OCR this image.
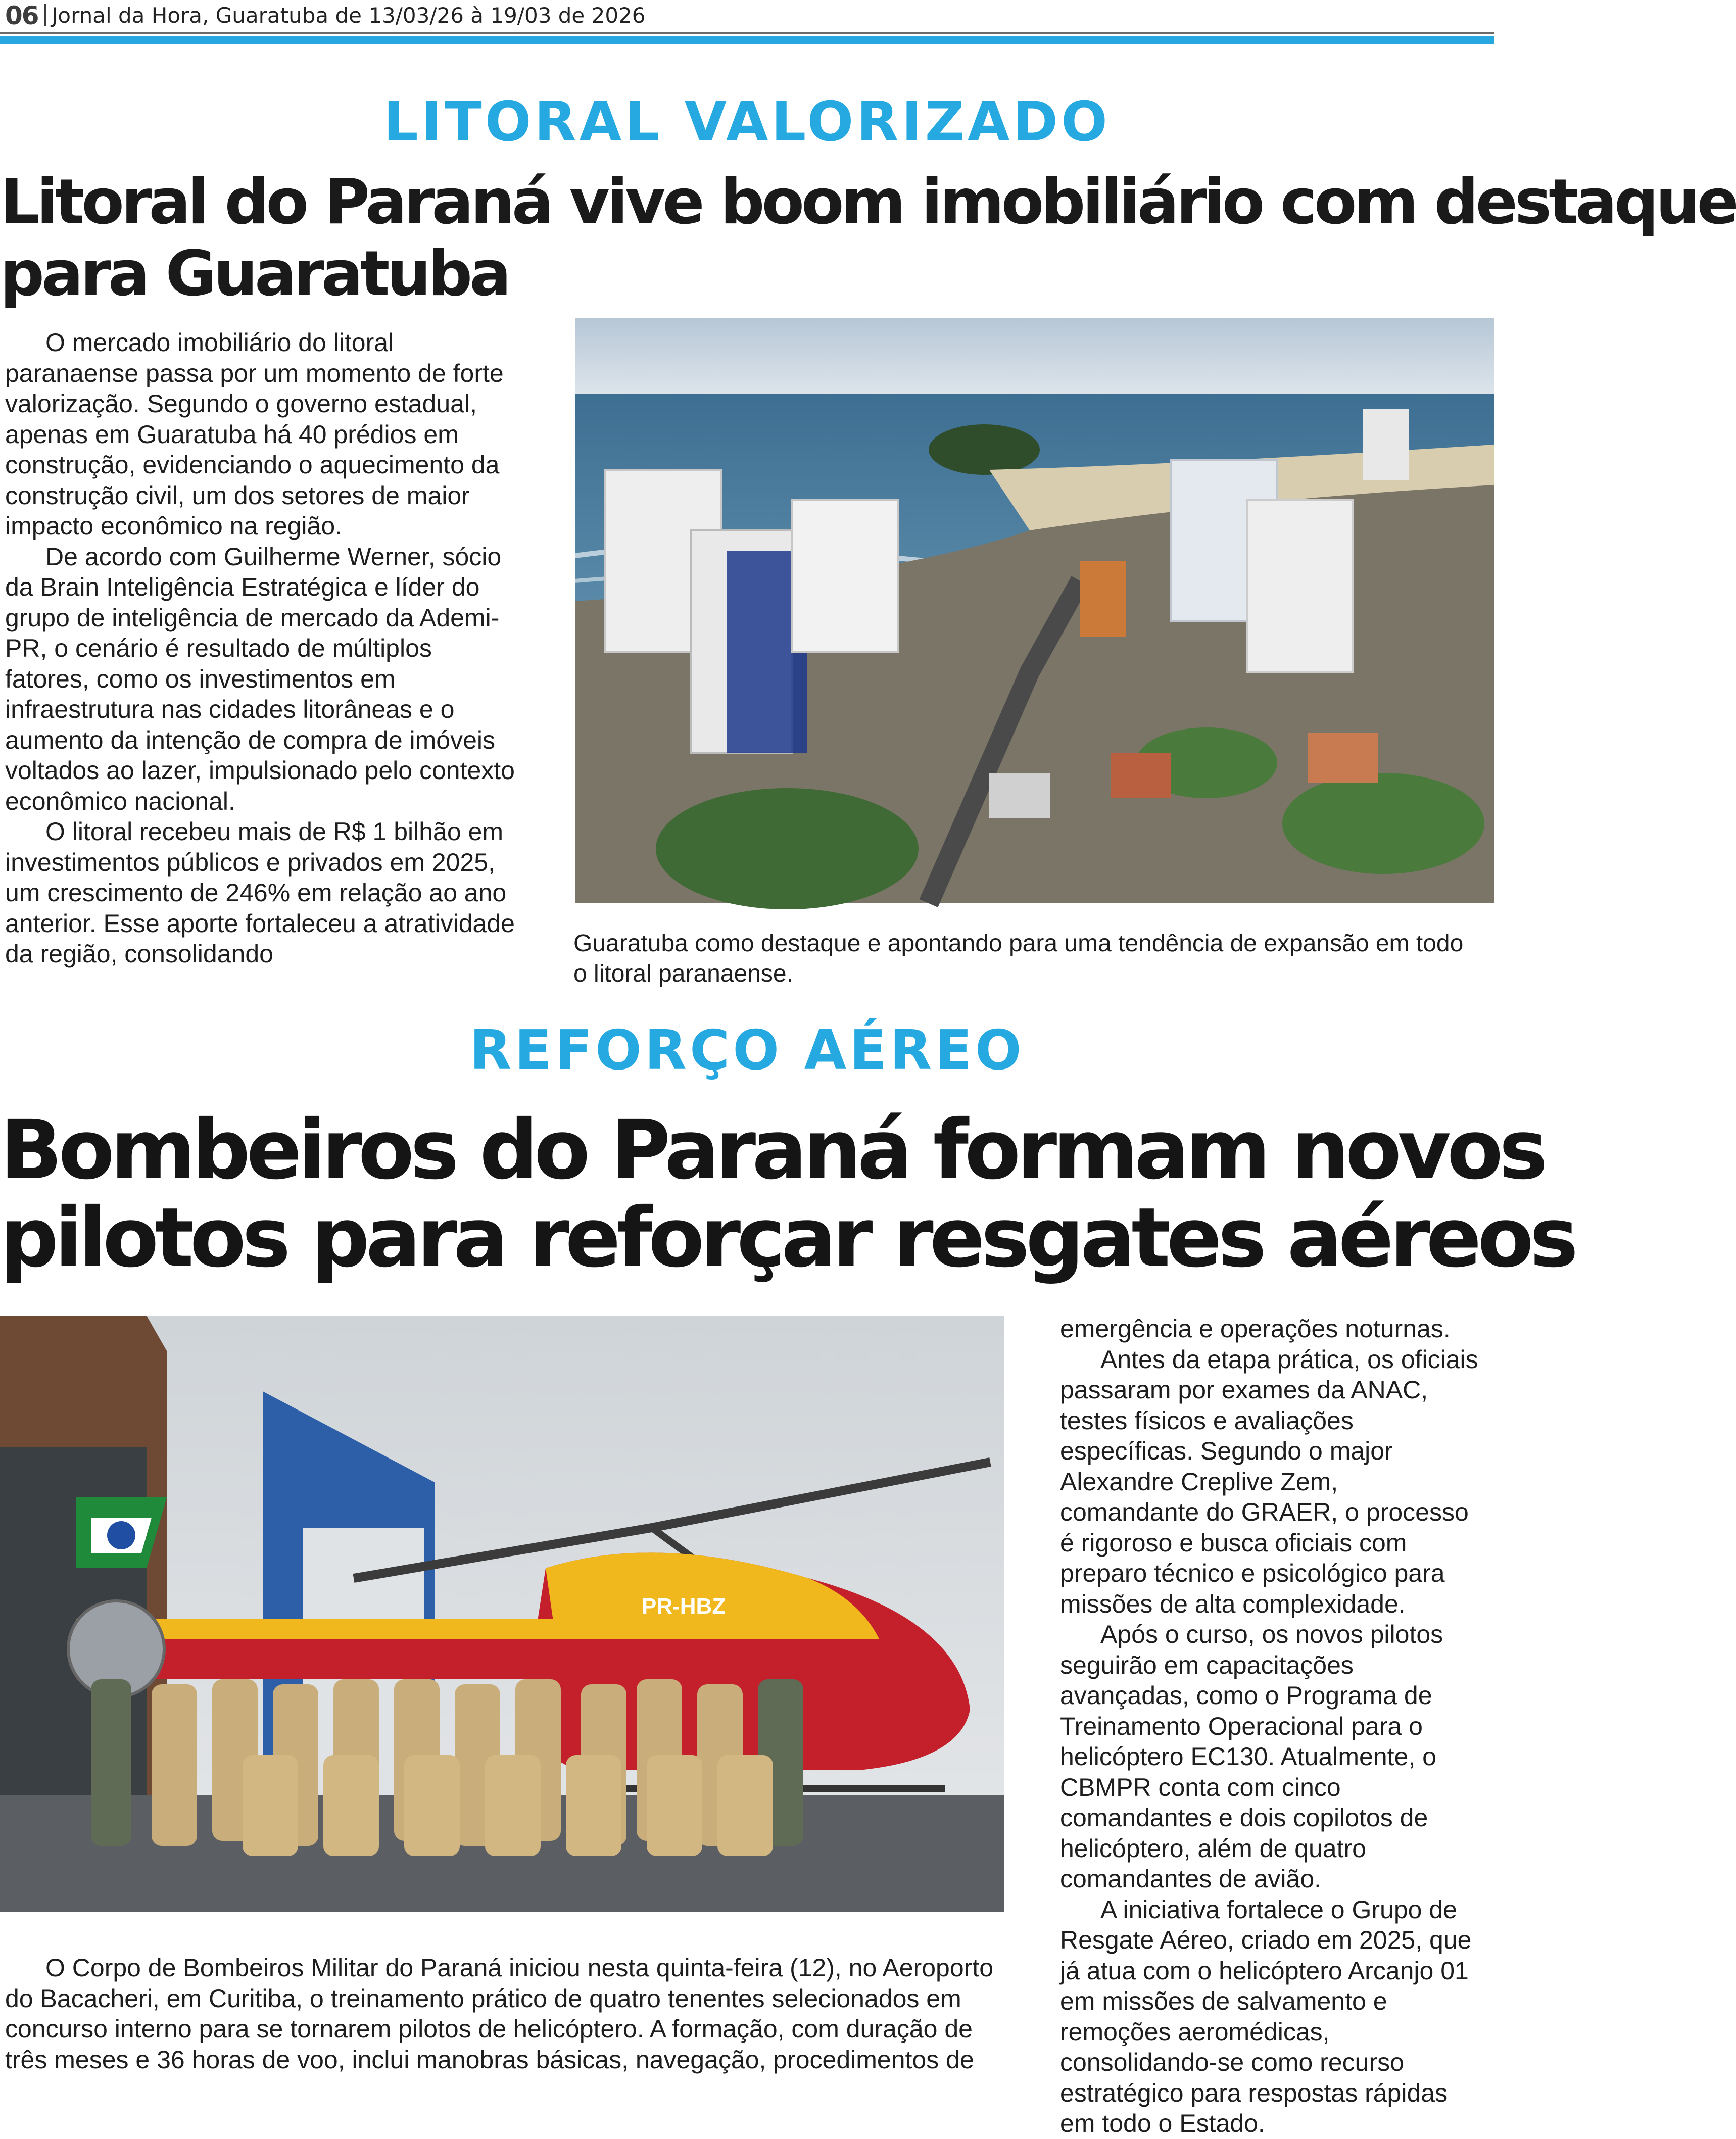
06 Jornal da Hora, Guaratuba de 13/03/26 à 19/03 de 2026
LITORAL VALORIZADO
Litoral do Paraná vive boom imobiliário com destaque
para Guaratuba

O mercado imobiliário do litoral paranaense passa por um momento de forte valorização. Segundo o governo estadual, apenas em Guaratuba há 40 prédios em construção, evidenciando o aquecimento da construção civil, um dos setores de maior impacto econômico na região.

De acordo com Guilherme Werner, sócio da Brain Inteligência Estratégica e líder do grupo de inteligência de mercado da Ademi-PR, o cenário é resultado de múltiplos fatores, como os investimentos em infraestrutura nas cidades litorâneas e o aumento da intenção de compra de imóveis voltados ao lazer, impulsionado pelo contexto econômico nacional.

O litoral recebeu mais de R$ 1 bilhão em investimentos públicos e privados em 2025, um crescimento de 246% em relação ao ano anterior. Esse aporte fortaleceu a atratividade da região, consolidando	Guaratuba como destaque e apontando para uma tendência de expansão em todo o litoral paranaense.
REFORÇO AÉREO
Bombeiros do Paraná formam novos
pilotos para reforçar resgates aéreos
PR-HBZ

emergência e operações noturnas.

Antes da etapa prática, os oficiais passaram por exames da ANAC, testes físicos e avaliações específicas. Segundo o major Alexandre Creplive Zem, comandante do GRAER, o processo é rigoroso e busca oficiais com preparo técnico e psicológico para missões de alta complexidade.

Após o curso, os novos pilotos seguirão em capacitações avançadas, como o Programa de Treinamento Operacional para o helicóptero EC130. Atualmente, o CBMPR conta com cinco comandantes e dois copilotos de helicóptero, além de quatro comandantes de avião.

A iniciativa fortalece o Grupo de Resgate Aéreo, criado em 2025, que já atua com o helicóptero Arcanjo 01 em missões de salvamento e remoções aeromédicas, consolidando-se como recurso estratégico para respostas rápidas em todo o Estado.

O Corpo de Bombeiros Militar do Paraná iniciou nesta quinta-feira (12), no Aeroporto do Bacacheri, em Curitiba, o treinamento prático de quatro tenentes selecionados em concurso interno para se tornarem pilotos de helicóptero. A formação, com duração de três meses e 36 horas de voo, inclui manobras básicas, navegação, procedimentos de
